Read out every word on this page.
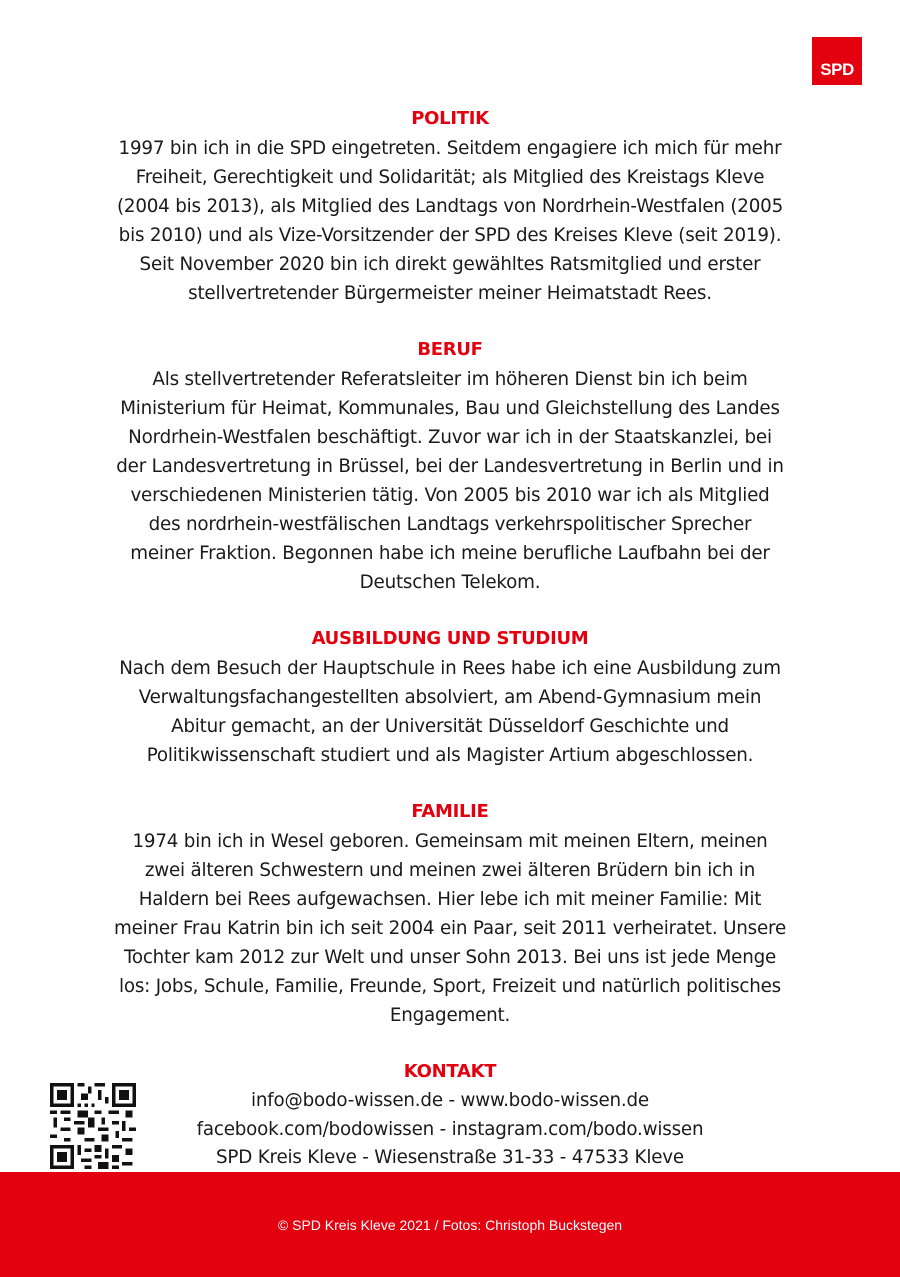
SPD
POLITIK
1997 bin ich in die SPD eingetreten. Seitdem engagiere ich mich für mehr
Freiheit, Gerechtigkeit und Solidarität; als Mitglied des Kreistags Kleve
(2004 bis 2013), als Mitglied des Landtags von Nordrhein-Westfalen (2005
bis 2010) und als Vize-Vorsitzender der SPD des Kreises Kleve (seit 2019).
Seit November 2020 bin ich direkt gewähltes Ratsmitglied und erster
stellvertretender Bürgermeister meiner Heimatstadt Rees.
BERUF
Als stellvertretender Referatsleiter im höheren Dienst bin ich beim
Ministerium für Heimat, Kommunales, Bau und Gleichstellung des Landes
Nordrhein-Westfalen beschäftigt. Zuvor war ich in der Staatskanzlei, bei
der Landesvertretung in Brüssel, bei der Landesvertretung in Berlin und in
verschiedenen Ministerien tätig. Von 2005 bis 2010 war ich als Mitglied
des nordrhein-westfälischen Landtags verkehrspolitischer Sprecher
meiner Fraktion. Begonnen habe ich meine berufliche Laufbahn bei der
Deutschen Telekom.
AUSBILDUNG UND STUDIUM
Nach dem Besuch der Hauptschule in Rees habe ich eine Ausbildung zum
Verwaltungsfachangestellten absolviert, am Abend-Gymnasium mein
Abitur gemacht, an der Universität Düsseldorf Geschichte und
Politikwissenschaft studiert und als Magister Artium abgeschlossen.
FAMILIE
1974 bin ich in Wesel geboren. Gemeinsam mit meinen Eltern, meinen
zwei älteren Schwestern und meinen zwei älteren Brüdern bin ich in
Haldern bei Rees aufgewachsen. Hier lebe ich mit meiner Familie: Mit
meiner Frau Katrin bin ich seit 2004 ein Paar, seit 2011 verheiratet. Unsere
Tochter kam 2012 zur Welt und unser Sohn 2013. Bei uns ist jede Menge
los: Jobs, Schule, Familie, Freunde, Sport, Freizeit und natürlich politisches
Engagement.
KONTAKT
info@bodo-wissen.de - www.bodo-wissen.de
facebook.com/bodowissen - instagram.com/bodo.wissen
SPD Kreis Kleve - Wiesenstraße 31-33 - 47533 Kleve
© SPD Kreis Kleve 2021 / Fotos: Christoph Buckstegen
